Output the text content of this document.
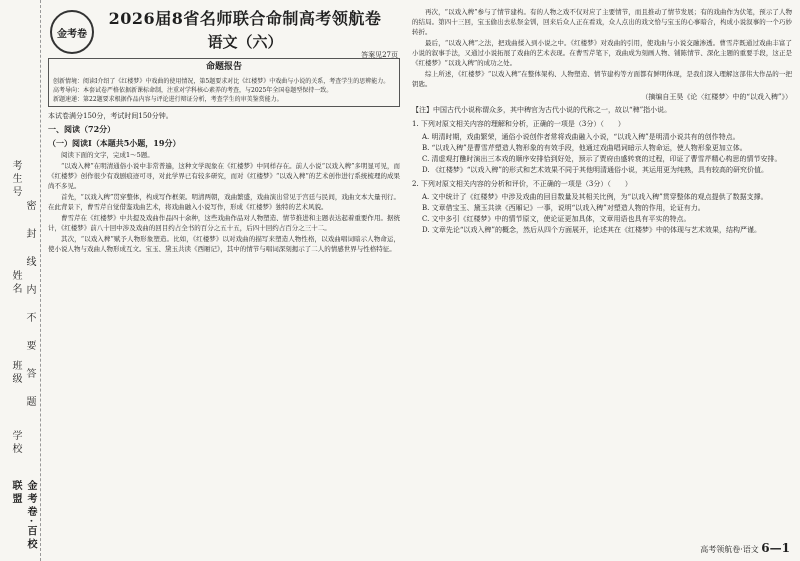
考生号
姓名
班级
学校
金考卷·百校联盟
密封线内不要答题
金考卷
2026届8省名师联合命制高考领航卷
语文（六）
答案见27页
命题报告
创新情境：阅读Ⅰ介绍了《红楼梦》中戏曲的使用情况，第5题要求对比《红楼梦》中戏曲与小说的关系，考查学生的思辨能力。
高考导向：本套试卷严格依据新课标命制，注重对学科核心素养的考查，与2025年全国卷题型保持一致。
新题速递：第22题要求根据作品内容与评论进行辩证分析，考查学生的审美鉴赏能力。
本试卷满分150分，考试时间150分钟。
一、阅读（72分）
（一）阅读Ⅰ（本题共5小题，19分）
阅读下面的文字，完成1～5题。

“以戏入稗”在明清通俗小说中非常普遍，这种文学现象在《红楼梦》中同样存在。前人小说“以戏入稗”多明显可见，而《红楼梦》创作很少有戏剧痕迹可寻，对此学界已有较多研究，而对《红楼梦》“以戏入稗”的艺术创作进行系统梳理的成果尚不多见。

首先，“以戏入稗”贯穿整体，构成写作框架。明清两朝，戏曲繁盛，戏曲演出常见于宫廷与民间，戏曲文本大量刊行。在此背景下，曹雪芹自觉借鉴戏曲艺术，将戏曲融入小说写作，形成《红楼梦》独特的艺术风貌。

曹雪芹在《红楼梦》中共提及戏曲作品四十余种，这些戏曲作品对人物塑造、情节推进和主题表达起着重要作用。据统计，《红楼梦》前八十回中涉及戏曲的回目约占全书的百分之五十五，后四十回约占百分之三十二。

其次，“以戏入稗”赋予人物形象塑造。比如，《红楼梦》以对戏曲的描写来塑造人物性格，以戏曲唱词暗示人物命运，使小说人物与戏曲人物形成互文。宝玉、黛玉共读《西厢记》，其中的情节与唱词深刻揭示了二人的情感世界与性格特征。

再次，“以戏入稗”参与了情节建构。有的人物之戏不仅对应了主要情节，而且推动了情节发展；有的戏曲作为伏笔，预示了人物的结局。第四十三回，宝玉偷出去私祭金钏，回来后众人正在看戏，众人点出的戏文恰与宝玉的心事暗合，构成小说叙事的一个巧妙转折。

最后，“以戏入稗”之法，把戏曲揉入到小说之中。《红楼梦》对戏曲的引用，使戏曲与小说交融渗透。曹雪芹既通过戏曲丰富了小说的叙事手法，又通过小说拓展了戏曲的艺术表现。在曹雪芹笔下，戏曲成为刻画人物、铺陈情节、深化主题的重要手段，这正是《红楼梦》“以戏入稗”的成功之处。

综上所述，《红楼梦》“以戏入稗”在整体架构、人物塑造、情节建构等方面都有鲜明体现，是我们深入理解这部伟大作品的一把钥匙。

（摘编自王昊《论〈红楼梦〉中的“以戏入稗”》）
【注】中国古代小说称谓众多，其中稗官为古代小说的代称之一，故以“稗”指小说。
1. 下列对原文相关内容的理解和分析，正确的一项是（3分）（　　）

A. 明清时期，戏曲繁荣，通俗小说创作者常将戏曲融入小说，“以戏入稗”是明清小说共有的创作特点。

B. “以戏入稗”是曹雪芹塑造人物形象的有效手段，他通过戏曲唱词暗示人物命运，使人物形象更加立体。

C. 清虚观打醮时演出三本戏的顺序安排恰到好处，预示了贾府由盛转衰的过程，印证了曹雪芹精心构思的情节安排。

D. 《红楼梦》“以戏入稗”的形式和艺术效果不同于其他明清通俗小说，其运用更为纯熟，具有较高的研究价值。

2. 下列对原文相关内容的分析和评价，不正确的一项是（3分）（　　）

A. 文中统计了《红楼梦》中涉及戏曲的回目数量及其相关比例，为“以戏入稗”贯穿整体的观点提供了数据支撑。

B. 文章借宝玉、黛玉共读《西厢记》一事，说明“以戏入稗”对塑造人物的作用，论证有力。

C. 文中多引《红楼梦》中的情节原文，使论证更加具体，文章用语也具有平实的特点。

D. 文章先论“以戏入稗”的概念，然后从四个方面展开，论述其在《红楼梦》中的体现与艺术效果，结构严谨。

高考领航卷·语文 6—1
